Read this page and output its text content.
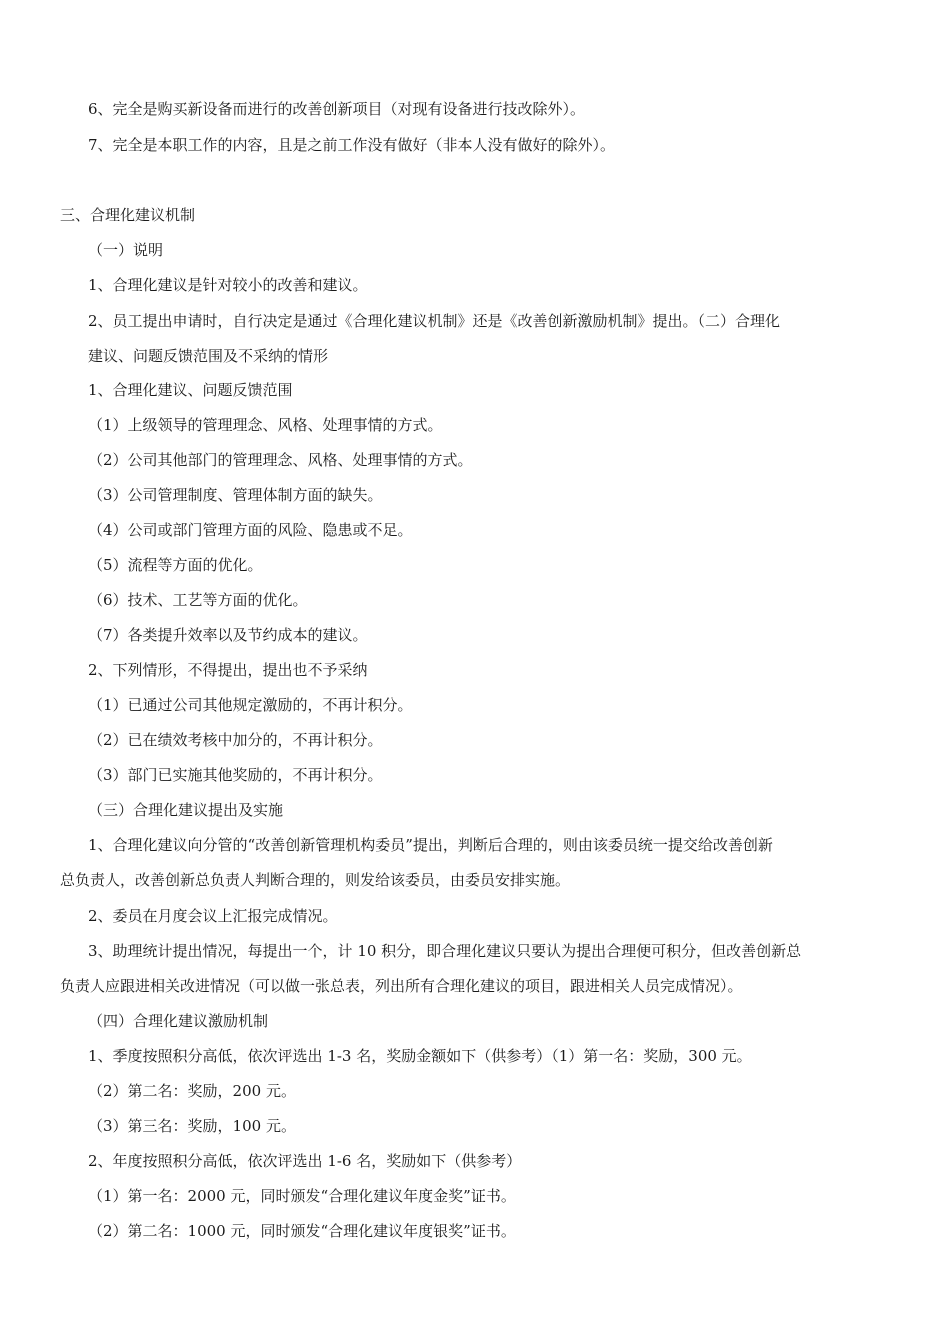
6、完全是购买新设备而进行的改善创新项目（对现有设备进行技改除外）。

7、完全是本职工作的内容，且是之前工作没有做好（非本人没有做好的除外）。

三、合理化建议机制

（一）说明

1、合理化建议是针对较小的改善和建议。

2、员工提出申请时，自行决定是通过《合理化建议机制》还是《改善创新激励机制》提出。（二）合理化

建议、问题反馈范围及不采纳的情形

1、合理化建议、问题反馈范围

（1）上级领导的管理理念、风格、处理事情的方式。

（2）公司其他部门的管理理念、风格、处理事情的方式。

（3）公司管理制度、管理体制方面的缺失。

（4）公司或部门管理方面的风险、隐患或不足。

（5）流程等方面的优化。

（6）技术、工艺等方面的优化。

（7）各类提升效率以及节约成本的建议。

2、下列情形，不得提出，提出也不予采纳

（1）已通过公司其他规定激励的，不再计积分。

（2）已在绩效考核中加分的，不再计积分。

（3）部门已实施其他奖励的，不再计积分。

（三）合理化建议提出及实施

1、合理化建议向分管的“改善创新管理机构委员”提出，判断后合理的，则由该委员统一提交给改善创新

总负责人，改善创新总负责人判断合理的，则发给该委员，由委员安排实施。

2、委员在月度会议上汇报完成情况。

3、助理统计提出情况，每提出一个，计 10 积分，即合理化建议只要认为提出合理便可积分，但改善创新总

负责人应跟进相关改进情况（可以做一张总表，列出所有合理化建议的项目，跟进相关人员完成情况）。

（四）合理化建议激励机制

1、季度按照积分高低，依次评选出 1-3 名，奖励金额如下（供参考）（1）第一名：奖励，300 元。

（2）第二名：奖励，200 元。

（3）第三名：奖励，100 元。

2、年度按照积分高低，依次评选出 1-6 名，奖励如下（供参考）

（1）第一名：2000 元，同时颁发“合理化建议年度金奖”证书。

（2）第二名：1000 元，同时颁发“合理化建议年度银奖”证书。
